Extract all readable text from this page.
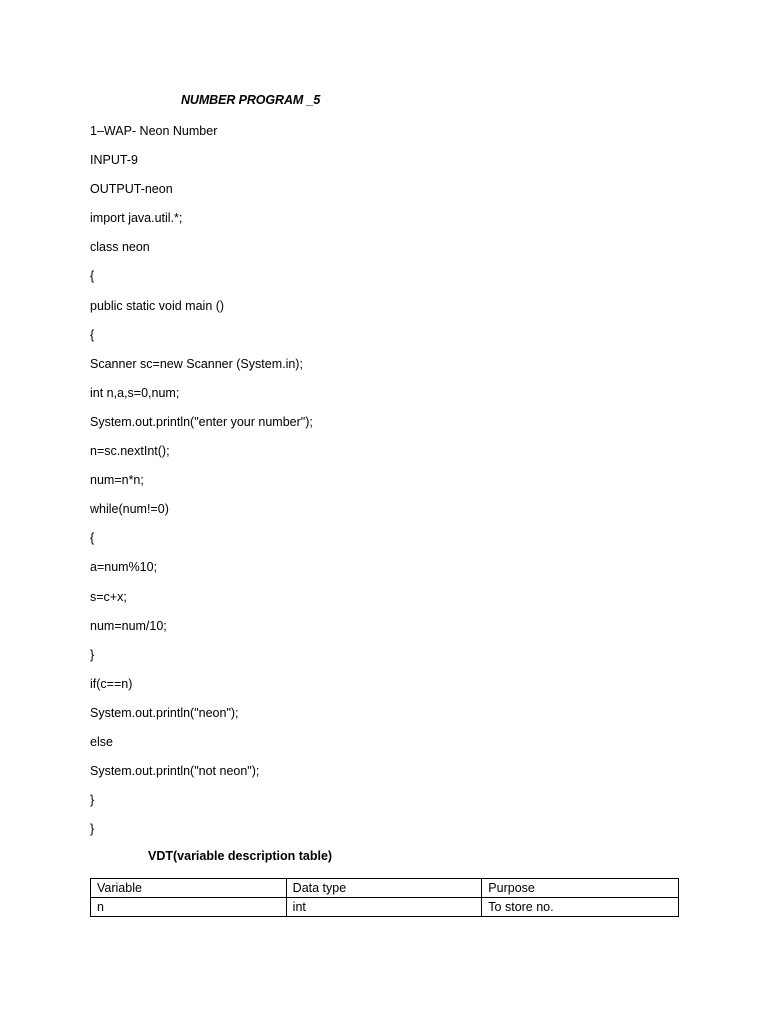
NUMBER PROGRAM _5
1–WAP- Neon Number
INPUT-9
OUTPUT-neon
import java.util.*;
class neon
{
public static void main ()
{
Scanner sc=new Scanner (System.in);
int n,a,s=0,num;
System.out.println("enter your number");
n=sc.nextInt();
num=n*n;
while(num!=0)
{
a=num%10;
s=c+x;
num=num/10;
}
if(c==n)
System.out.println("neon");
else
System.out.println("not neon");
}
}
VDT(variable description table)
Variable	Data type	Purpose
n	int	To store no.
